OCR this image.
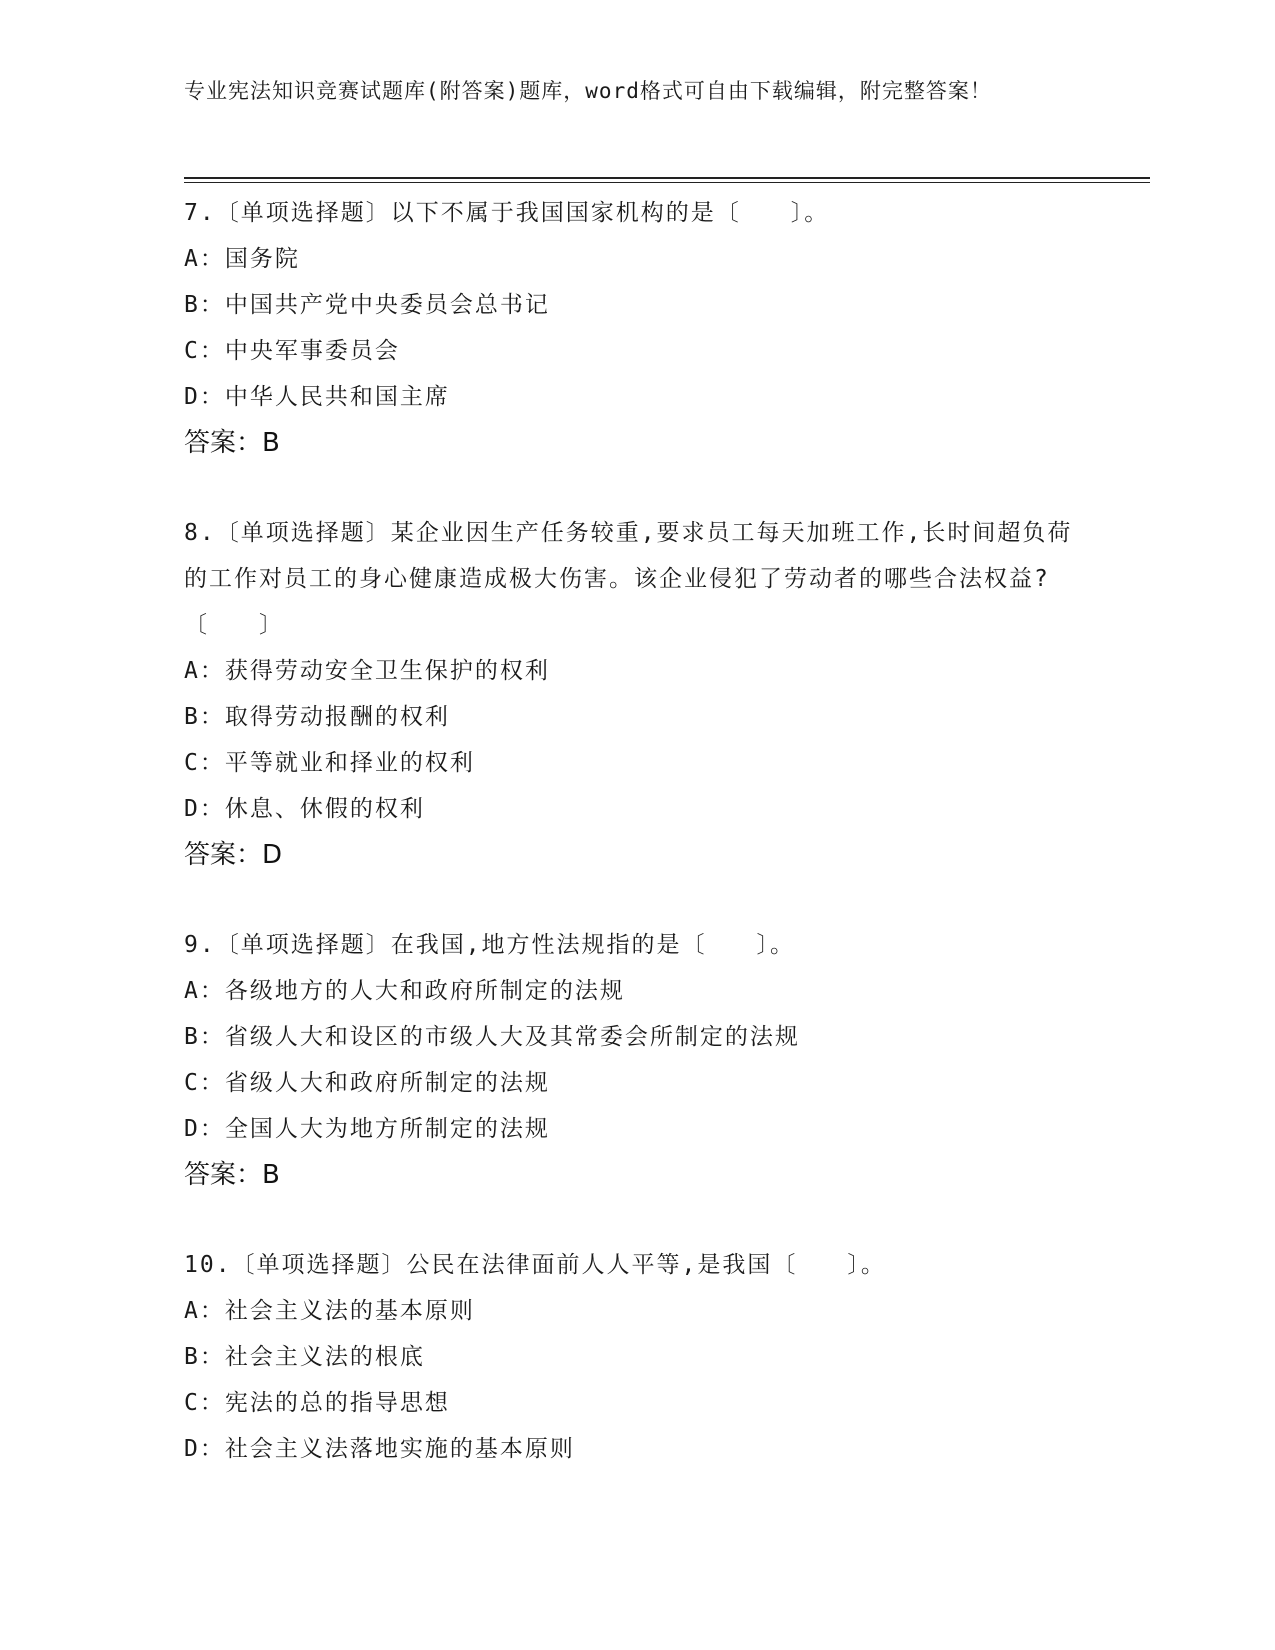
专业宪法知识竞赛试题库(附答案)题库，word格式可自由下载编辑，附完整答案！

7.〔单项选择题〕以下不属于我国国家机构的是〔　　〕。

A：国务院
B：中国共产党中央委员会总书记
C：中央军事委员会
D：中华人民共和国主席

答案：B

8.〔单项选择题〕某企业因生产任务较重,要求员工每天加班工作,长时间超负荷的工作对员工的身心健康造成极大伤害。该企业侵犯了劳动者的哪些合法权益?〔　　〕

A：获得劳动安全卫生保护的权利
B：取得劳动报酬的权利
C：平等就业和择业的权利
D：休息、休假的权利

答案：D

9.〔单项选择题〕在我国,地方性法规指的是〔　　〕。

A：各级地方的人大和政府所制定的法规
B：省级人大和设区的市级人大及其常委会所制定的法规
C：省级人大和政府所制定的法规
D：全国人大为地方所制定的法规

答案：B

10.〔单项选择题〕公民在法律面前人人平等,是我国〔　　〕。

A：社会主义法的基本原则
B：社会主义法的根底
C：宪法的总的指导思想
D：社会主义法落地实施的基本原则
